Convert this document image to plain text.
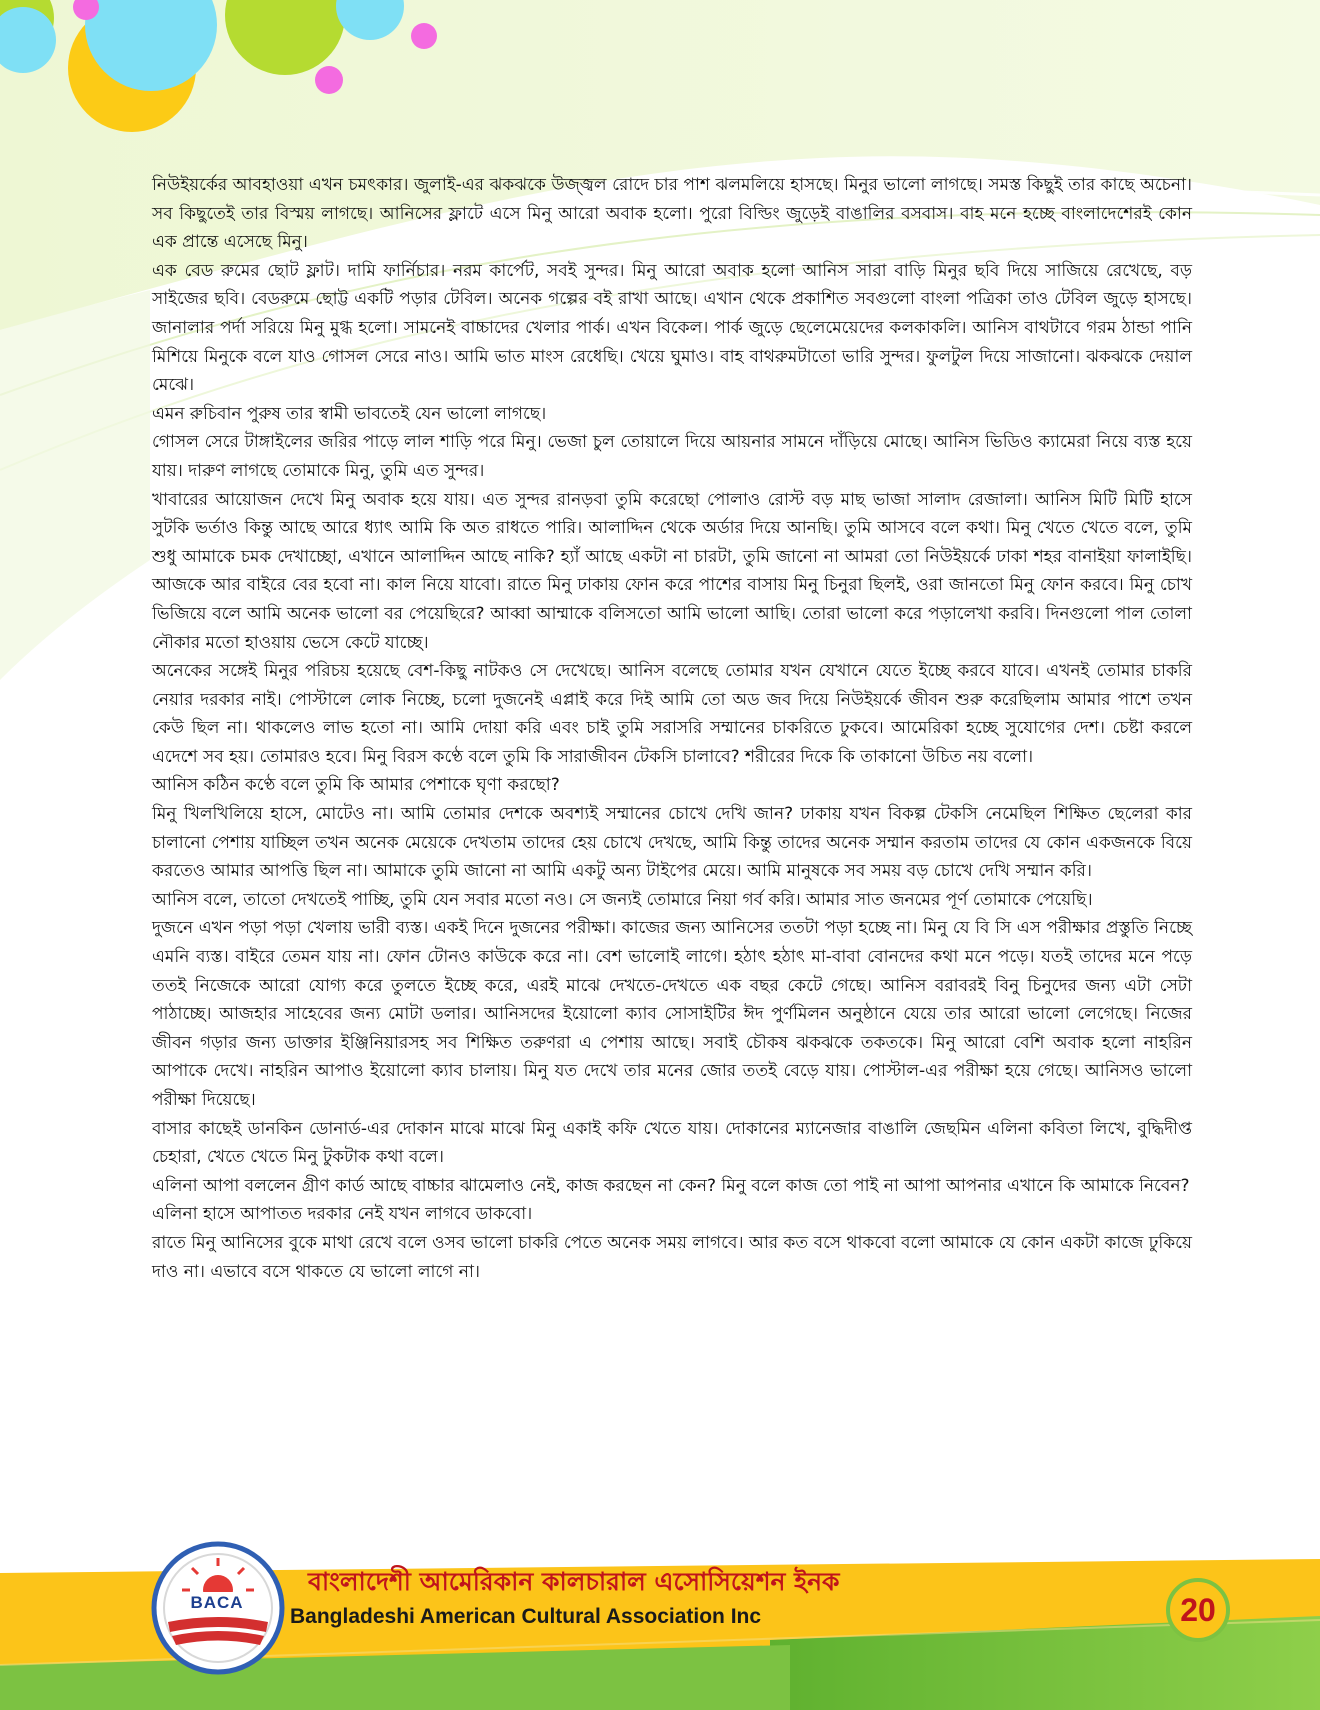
BACA

নিউইয়র্কের আবহাওয়া এখন চমৎকার। জুলাই-এর ঝকঝকে উজ্জ্বল রোদে চার পাশ ঝলমলিয়ে হাসছে। মিনুর ভালো লাগছে। সমস্ত কিছুই তার কাছে অচেনা। সব কিছুতেই তার বিস্ময় লাগছে। আনিসের ফ্লাটে এসে মিনু আরো অবাক হলো। পুরো বিল্ডিং জুড়েই বাঙালির বসবাস। বাহ মনে হচ্ছে বাংলাদেশেরই কোন এক প্রান্তে এসেছে মিনু।

এক বেড রুমের ছোট ফ্লাট। দামি ফার্নিচার। নরম কার্পেট, সবই সুন্দর। মিনু আরো অবাক হলো আনিস সারা বাড়ি মিনুর ছবি দিয়ে সাজিয়ে রেখেছে, বড় সাইজের ছবি। বেডরুমে ছোট্ট একটি পড়ার টেবিল। অনেক গল্পের বই রাখা আছে। এখান থেকে প্রকাশিত সবগুলো বাংলা পত্রিকা তাও টেবিল জুড়ে হাসছে। জানালার পর্দা সরিয়ে মিনু মুগ্ধ হলো। সামনেই বাচ্চাদের খেলার পার্ক। এখন বিকেল। পার্ক জুড়ে ছেলেমেয়েদের কলকাকলি। আনিস বাথটাবে গরম ঠান্ডা পানি মিশিয়ে মিনুকে বলে যাও গোসল সেরে নাও। আমি ভাত মাংস রেধেছি। খেয়ে ঘুমাও। বাহ বাথরুমটাতো ভারি সুন্দর। ফুলটুল দিয়ে সাজানো। ঝকঝকে দেয়াল মেঝে।

এমন রুচিবান পুরুষ তার স্বামী ভাবতেই যেন ভালো লাগছে।

গোসল সেরে টাঙ্গাইলের জরির পাড়ে লাল শাড়ি পরে মিনু। ভেজা চুল তোয়ালে দিয়ে আয়নার সামনে দাঁড়িয়ে মোছে। আনিস ভিডিও ক্যামেরা নিয়ে ব্যস্ত হয়ে যায়। দারুণ লাগছে তোমাকে মিনু, তুমি এত সুন্দর।

খাবারের আয়োজন দেখে মিনু অবাক হয়ে যায়। এত সুন্দর রানড়বা তুমি করেছো পোলাও রোস্ট বড় মাছ ভাজা সালাদ রেজালা। আনিস মিটি মিটি হাসে সুটকি ভর্তাও কিন্তু আছে আরে ধ্যাৎ আমি কি অত রাধতে পারি। আলাদ্দিন থেকে অর্ডার দিয়ে আনছি। তুমি আসবে বলে কথা। মিনু খেতে খেতে বলে, তুমি শুধু আমাকে চমক দেখাচ্ছো, এখানে আলাদ্দিন আছে নাকি? হ্যাঁ আছে একটা না চারটা, তুমি জানো না আমরা তো নিউইয়র্কে ঢাকা শহর বানাইয়া ফালাইছি। আজকে আর বাইরে বের হবো না। কাল নিয়ে যাবো। রাতে মিনু ঢাকায় ফোন করে পাশের বাসায় মিনু চিনুরা ছিলই, ওরা জানতো মিনু ফোন করবে। মিনু চোখ ভিজিয়ে বলে আমি অনেক ভালো বর পেয়েছিরে? আব্বা আম্মাকে বলিসতো আমি ভালো আছি। তোরা ভালো করে পড়ালেখা করবি। দিনগুলো পাল তোলা নৌকার মতো হাওয়ায় ভেসে কেটে যাচ্ছে।

অনেকের সঙ্গেই মিনুর পরিচয় হয়েছে বেশ-কিছু নাটকও সে দেখেছে। আনিস বলেছে তোমার যখন যেখানে যেতে ইচ্ছে করবে যাবে। এখনই তোমার চাকরি নেয়ার দরকার নাই। পোস্টালে লোক নিচ্ছে, চলো দুজনেই এপ্লাই করে দিই আমি তো অড জব দিয়ে নিউইয়র্কে জীবন শুরু করেছিলাম আমার পাশে তখন কেউ ছিল না। থাকলেও লাভ হতো না। আমি দোয়া করি এবং চাই তুমি সরাসরি সম্মানের চাকরিতে ঢুকবে। আমেরিকা হচ্ছে সুযোগের দেশ। চেষ্টা করলে এদেশে সব হয়। তোমারও হবে। মিনু বিরস কণ্ঠে বলে তুমি কি সারাজীবন টেকসি চালাবে? শরীরের দিকে কি তাকানো উচিত নয় বলো।

আনিস কঠিন কণ্ঠে বলে তুমি কি আমার পেশাকে ঘৃণা করছো?

মিনু খিলখিলিয়ে হাসে, মোটেও না। আমি তোমার দেশকে অবশ্যই সম্মানের চোখে দেখি জান? ঢাকায় যখন বিকল্প টেকসি নেমেছিল শিক্ষিত ছেলেরা কার চালানো পেশায় যাচ্ছিল তখন অনেক মেয়েকে দেখতাম তাদের হেয় চোখে দেখছে, আমি কিন্তু তাদের অনেক সম্মান করতাম তাদের যে কোন একজনকে বিয়ে করতেও আমার আপত্তি ছিল না। আমাকে তুমি জানো না আমি একটু অন্য টাইপের মেয়ে। আমি মানুষকে সব সময় বড় চোখে দেখি সম্মান করি।

আনিস বলে, তাতো দেখতেই পাচ্ছি, তুমি যেন সবার মতো নও। সে জন্যই তোমারে নিয়া গর্ব করি। আমার সাত জনমের পূর্ণ তোমাকে পেয়েছি।

দুজনে এখন পড়া পড়া খেলায় ভারী ব্যস্ত। একই দিনে দুজনের পরীক্ষা। কাজের জন্য আনিসের ততটা পড়া হচ্ছে না। মিনু যে বি সি এস পরীক্ষার প্রস্তুতি নিচ্ছে এমনি ব্যস্ত। বাইরে তেমন যায় না। ফোন টোনও কাউকে করে না। বেশ ভালোই লাগে। হঠাৎ হঠাৎ মা-বাবা বোনদের কথা মনে পড়ে। যতই তাদের মনে পড়ে ততই নিজেকে আরো যোগ্য করে তুলতে ইচ্ছে করে, এরই মাঝে দেখতে-দেখতে এক বছর কেটে গেছে। আনিস বরাবরই বিনু চিনুদের জন্য এটা সেটা পাঠাচ্ছে। আজহার সাহেবের জন্য মোটা ডলার। আনিসদের ইয়োলো ক্যাব সোসাইটির ঈদ পুর্ণমিলন অনুষ্ঠানে যেয়ে তার আরো ভালো লেগেছে। নিজের জীবন গড়ার জন্য ডাক্তার ইঞ্জিনিয়ারসহ সব শিক্ষিত তরুণরা এ পেশায় আছে। সবাই চৌকষ ঝকঝকে তকতকে। মিনু আরো বেশি অবাক হলো নাহরিন আপাকে দেখে। নাহরিন আপাও ইয়োলো ক্যাব চালায়। মিনু যত দেখে তার মনের জোর ততই বেড়ে যায়। পোস্টাল-এর পরীক্ষা হয়ে গেছে। আনিসও ভালো পরীক্ষা দিয়েছে।

বাসার কাছেই ডানকিন ডোনার্ড-এর দোকান মাঝে মাঝে মিনু একাই কফি খেতে যায়। দোকানের ম্যানেজার বাঙালি জেছমিন এলিনা কবিতা লিখে, বুদ্ধিদীপ্ত চেহারা, খেতে খেতে মিনু টুকটাক কথা বলে।

এলিনা আপা বললেন গ্রীণ কার্ড আছে বাচ্চার ঝামেলাও নেই, কাজ করছেন না কেন? মিনু বলে কাজ তো পাই না আপা আপনার এখানে কি আমাকে নিবেন?

এলিনা হাসে আপাতত দরকার নেই যখন লাগবে ডাকবো।

রাতে মিনু আনিসের বুকে মাথা রেখে বলে ওসব ভালো চাকরি পেতে অনেক সময় লাগবে। আর কত বসে থাকবো বলো আমাকে যে কোন একটা কাজে ঢুকিয়ে দাও না। এভাবে বসে থাকতে যে ভালো লাগে না।

বাংলাদেশী আমেরিকান কালচারাল এসোসিয়েশন ইনক
Bangladeshi American Cultural Association Inc	20
